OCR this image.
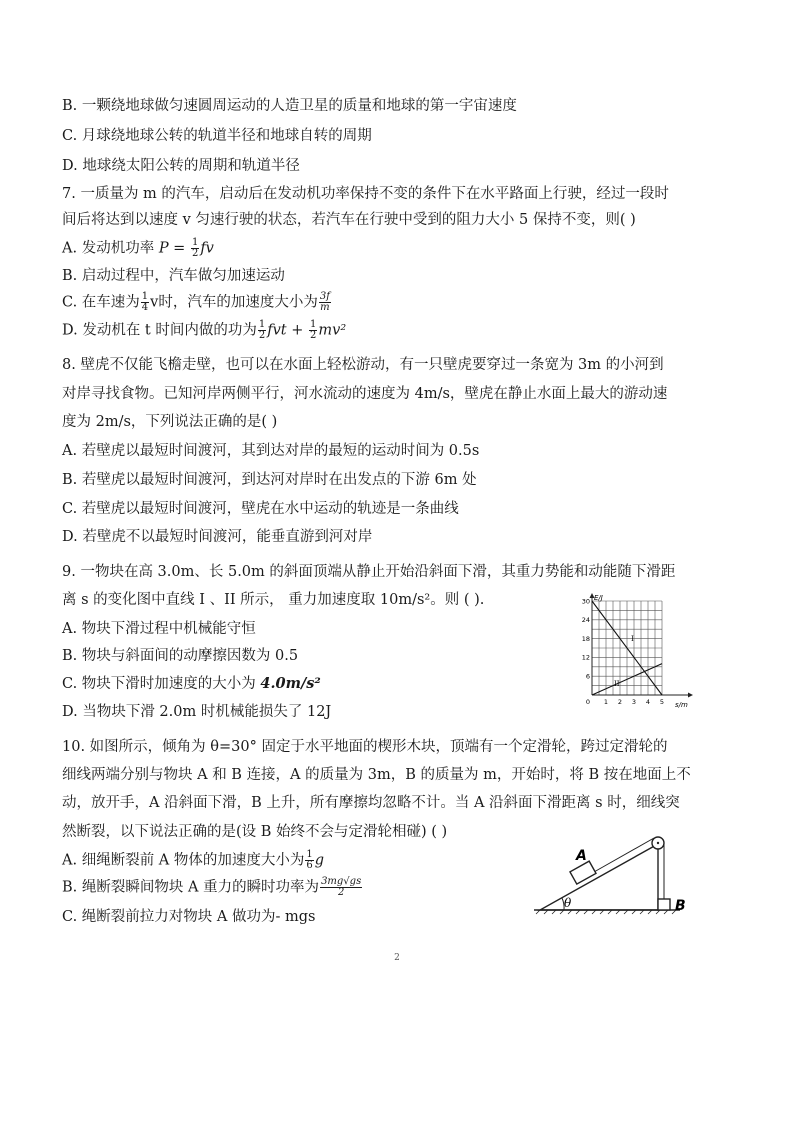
B. 一颗绕地球做匀速圆周运动的人造卫星的质量和地球的第一宇宙速度
C. 月球绕地球公转的轨道半径和地球自转的周期
D. 地球绕太阳公转的周期和轨道半径
7. 一质量为 m 的汽车，启动后在发动机功率保持不变的条件下在水平路面上行驶，经过一段时
间后将达到以速度 v 匀速行驶的状态，若汽车在行驶中受到的阻力大小 5 保持不变，则( )
A. 发动机功率 $P = \frac{1}{2}$ fv
B. 启动过程中，汽车做匀加速运动
C. 在车速为 $\frac{1}{4}$ v时，汽车的加速度大小为 $\frac{3f}{m}$
D. 发动机在 t 时间内做的功为 $\frac{1}{2}$ fvt + $\frac{1}{2} mv^2$
8. 壁虎不仅能飞檐走壁，也可以在水面上轻松游动，有一只壁虎要穿过一条宽为 3m 的小河到
对岸寻找食物。已知河岸两侧平行，河水流动的速度为 4m/s，壁虎在静止水面上最大的游动速
度为 2m/s，下列说法正确的是( )
A. 若壁虎以最短时间渡河，其到达对岸的最短的运动时间为 0.5s
B. 若壁虎以最短时间渡河，到达河对岸时在出发点的下游 6m 处
C. 若壁虎以最短时间渡河，壁虎在水中运动的轨迹是一条曲线
D. 若壁虎不以最短时间渡河，能垂直游到河对岸
9. 一物块在高 3.0m、长 5.0m 的斜面顶端从静止开始沿斜面下滑，其重力势能和动能随下滑距
离 s 的变化图中直线 I 、II 所示， 重力加速度取 10m/s²。则 ( ).
A. 物块下滑过程中机械能守恒
B. 物块与斜面间的动摩擦因数为 0.5
C. 物块下滑时加速度的大小为 4.0m/s²
D. 当物块下滑 2.0m 时机械能损失了 12J
30
24
18
12
6
0 1 2 3 4 5
E/J
s/m
I
II
10. 如图所示，倾角为 θ=30° 固定于水平地面的楔形木块，顶端有一个定滑轮，跨过定滑轮的
细线两端分别与物块 A 和 B 连接，A 的质量为 3m，B 的质量为 m，开始时，将 B 按在地面上不
动，放开手，A 沿斜面下滑，B 上升，所有摩擦均忽略不计。当 A 沿斜面下滑距离 s 时，细线突
然断裂，以下说法正确的是(设 B 始终不会与定滑轮相碰) ( )
A. 细绳断裂前 A 物体的加速度大小为 $\frac{1}{6}$ g
B. 绳断裂瞬间物块 A 重力的瞬时功率为 $\frac{3mg√gs}{2}$
C. 绳断裂前拉力对物块 A 做功为- mgs
θ
A
B
2
